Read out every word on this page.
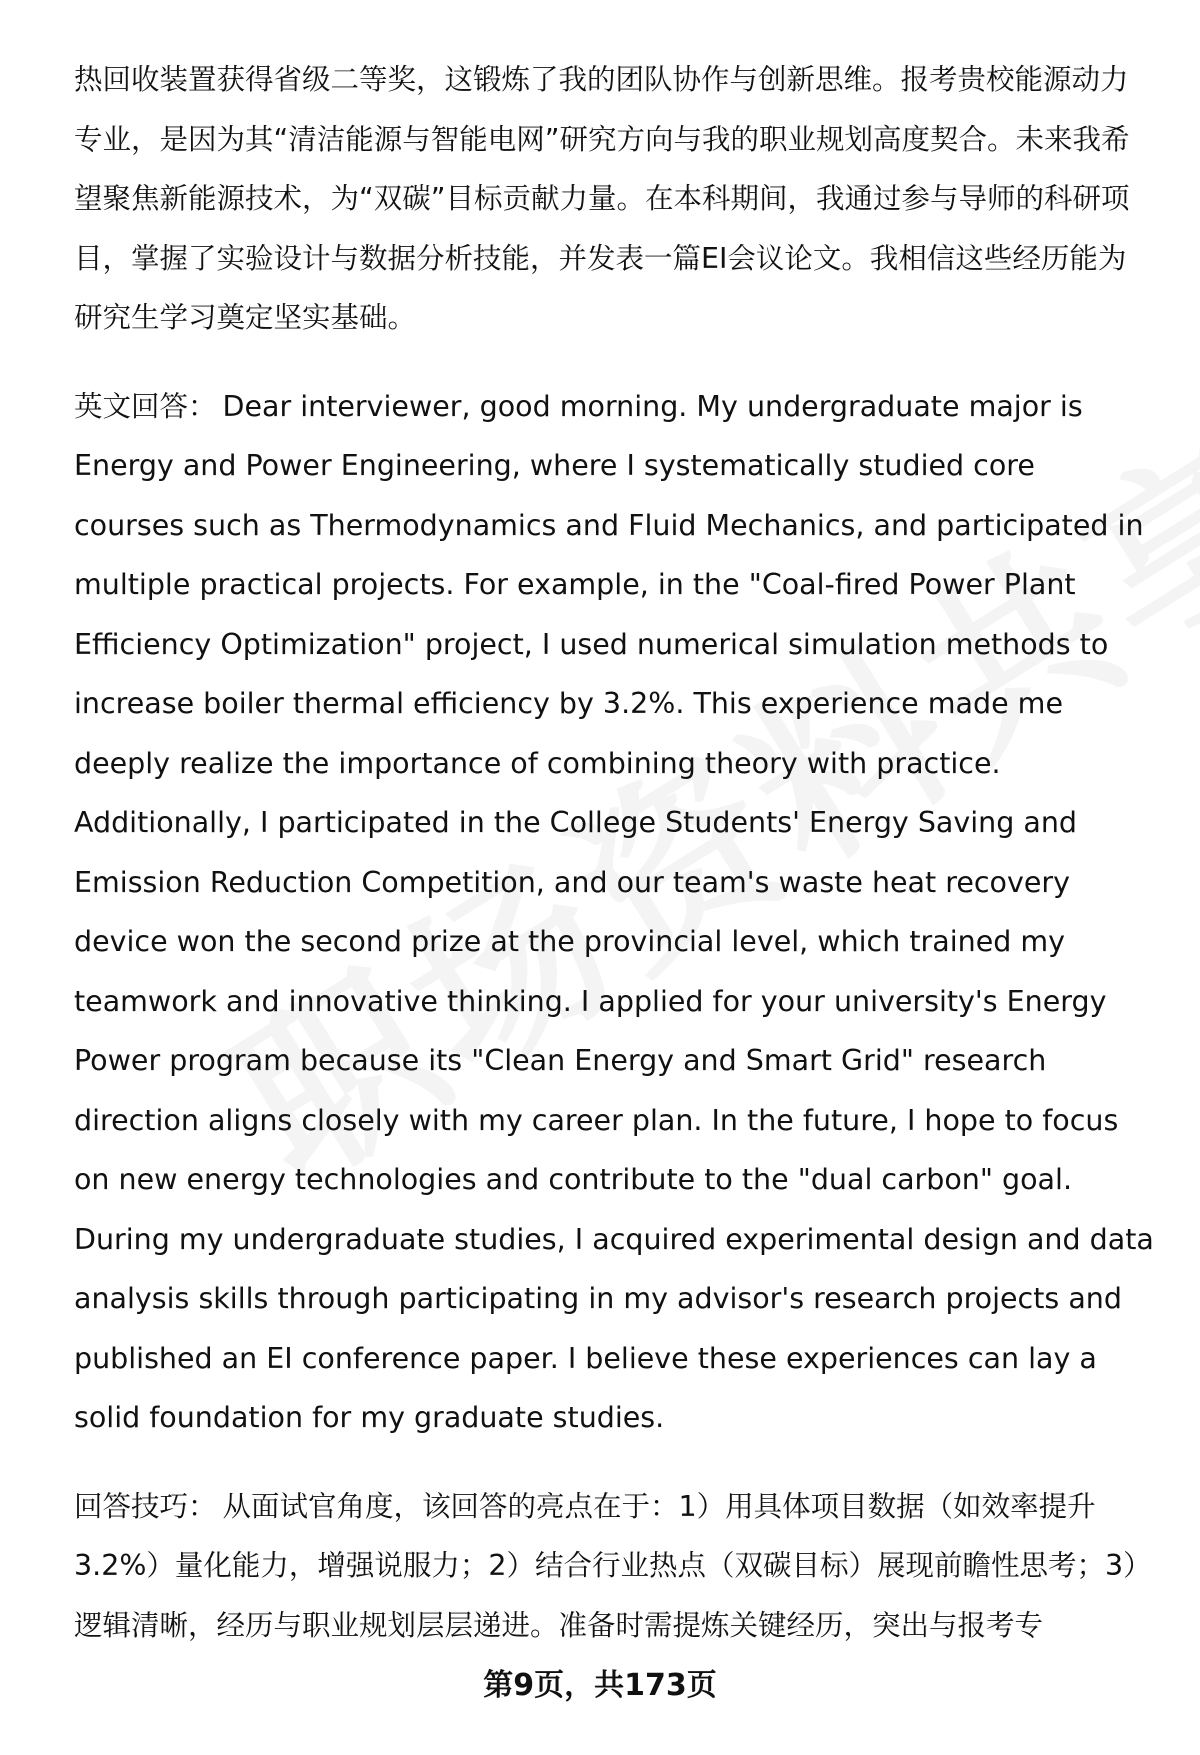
热回收装置获得省级二等奖，这锻炼了我的团队协作与创新思维。报考贵校能源动力专业，是因为其“清洁能源与智能电网”研究方向与我的职业规划高度契合。未来我希望聚焦新能源技术，为“双碳”目标贡献力量。在本科期间，我通过参与导师的科研项目，掌握了实验设计与数据分析技能，并发表一篇EI会议论文。我相信这些经历能为研究生学习奠定坚实基础。

英文回答： Dear interviewer, good morning. My undergraduate major is Energy and Power Engineering, where I systematically studied core courses such as Thermodynamics and Fluid Mechanics, and participated in multiple practical projects. For example, in the "Coal-fired Power Plant Efficiency Optimization" project, I used numerical simulation methods to increase boiler thermal efficiency by 3.2%. This experience made me deeply realize the importance of combining theory with practice. Additionally, I participated in the College Students' Energy Saving and Emission Reduction Competition, and our team's waste heat recovery device won the second prize at the provincial level, which trained my teamwork and innovative thinking. I applied for your university's Energy Power program because its "Clean Energy and Smart Grid" research direction aligns closely with my career plan. In the future, I hope to focus on new energy technologies and contribute to the "dual carbon" goal. During my undergraduate studies, I acquired experimental design and data analysis skills through participating in my advisor's research projects and published an EI conference paper. I believe these experiences can lay a solid foundation for my graduate studies.

回答技巧： 从面试官角度，该回答的亮点在于：1）用具体项目数据（如效率提升3.2%）量化能力，增强说服力；2）结合行业热点（双碳目标）展现前瞻性思考；3）逻辑清晰，经历与职业规划层层递进。准备时需提炼关键经历，突出与报考专

第9页，共173页
